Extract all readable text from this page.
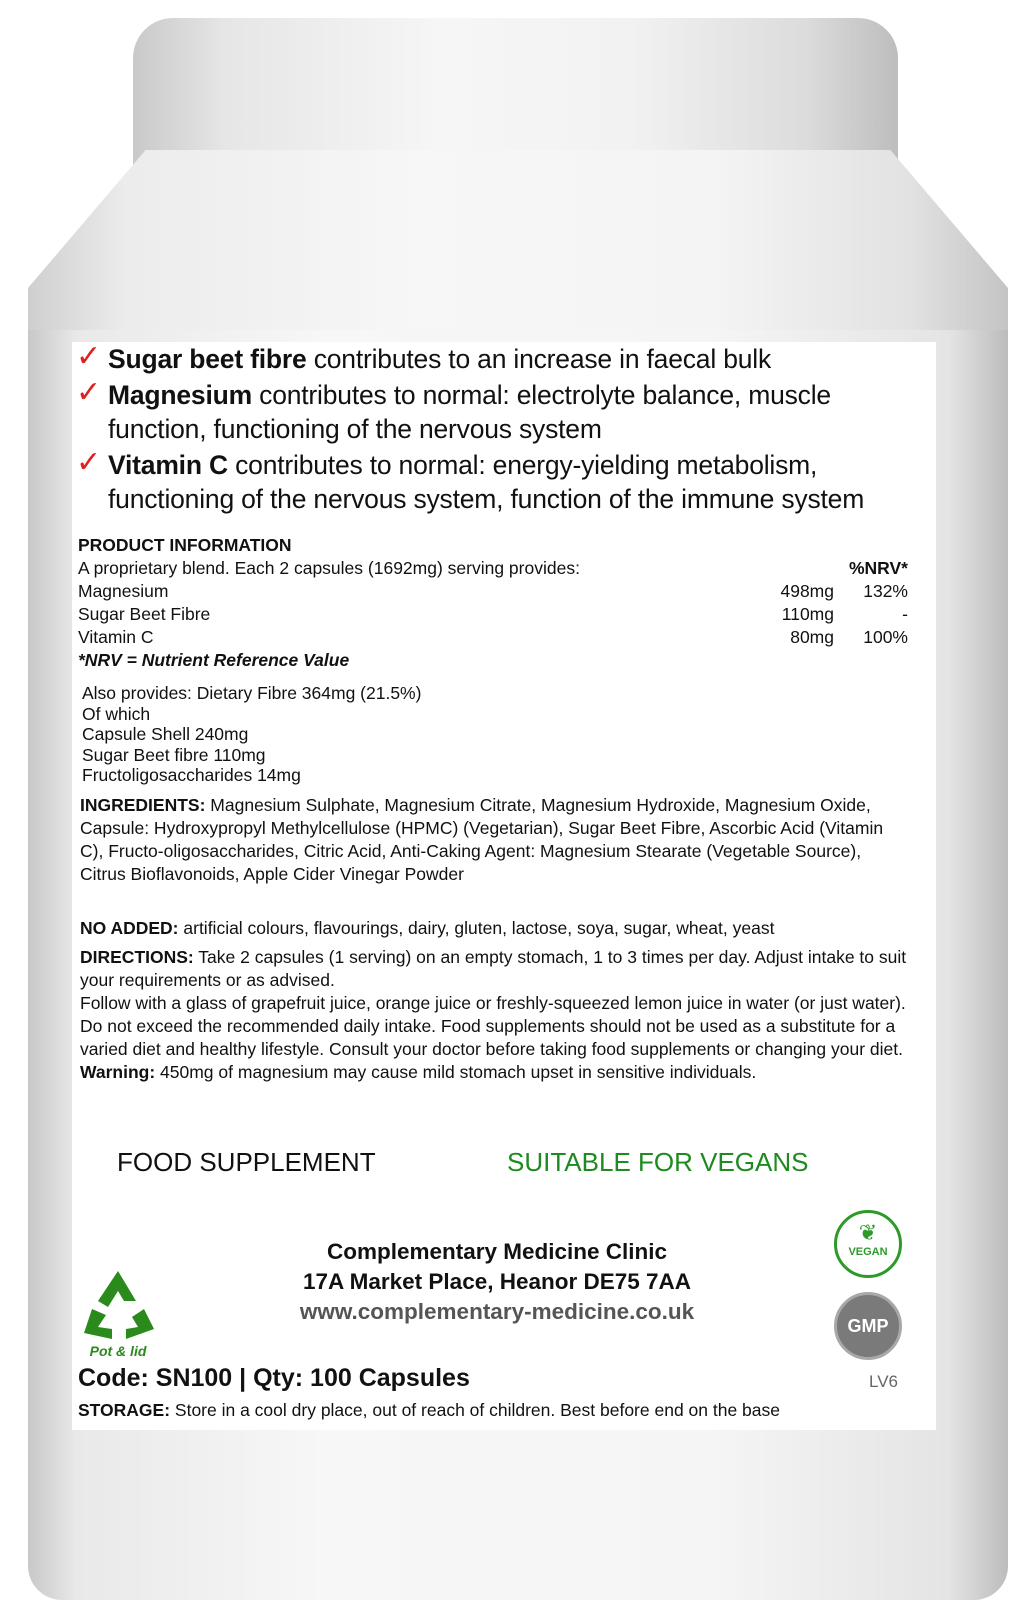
✓ Sugar beet fibre contributes to an increase in faecal bulk
✓ Magnesium contributes to normal: electrolyte balance, muscle function, functioning of the nervous system
✓ Vitamin C contributes to normal: energy-yielding metabolism, functioning of the nervous system, function of the immune system
PRODUCT INFORMATION
A proprietary blend. Each 2 capsules (1692mg) serving provides:	%NRV*
Magnesium	498mg	132%
Sugar Beet Fibre	110mg	-
Vitamin C	80mg	100%
*NRV = Nutrient Reference Value
Also provides: Dietary Fibre 364mg (21.5%)
Of which
Capsule Shell 240mg
Sugar Beet fibre 110mg
Fructoligosaccharides 14mg
INGREDIENTS: Magnesium Sulphate, Magnesium Citrate, Magnesium Hydroxide, Magnesium Oxide, Capsule: Hydroxypropyl Methylcellulose (HPMC) (Vegetarian), Sugar Beet Fibre, Ascorbic Acid (Vitamin C), Fructo-oligosaccharides, Citric Acid, Anti-Caking Agent: Magnesium Stearate (Vegetable Source), Citrus Bioflavonoids, Apple Cider Vinegar Powder
NO ADDED: artificial colours, flavourings, dairy, gluten, lactose, soya, sugar, wheat, yeast
DIRECTIONS: Take 2 capsules (1 serving) on an empty stomach, 1 to 3 times per day. Adjust intake to suit your requirements or as advised.
Follow with a glass of grapefruit juice, orange juice or freshly-squeezed lemon juice in water (or just water). Do not exceed the recommended daily intake. Food supplements should not be used as a substitute for a varied diet and healthy lifestyle. Consult your doctor before taking food supplements or changing your diet.
Warning: 450mg of magnesium may cause mild stomach upset in sensitive individuals.
FOOD SUPPLEMENT	SUITABLE FOR VEGANS
Complementary Medicine Clinic
17A Market Place, Heanor DE75 7AA
www.complementary-medicine.co.uk
Pot & lid
❦
VEGAN
GMP
Code: SN100 | Qty: 100 Capsules	LV6
STORAGE: Store in a cool dry place, out of reach of children. Best before end on the base
